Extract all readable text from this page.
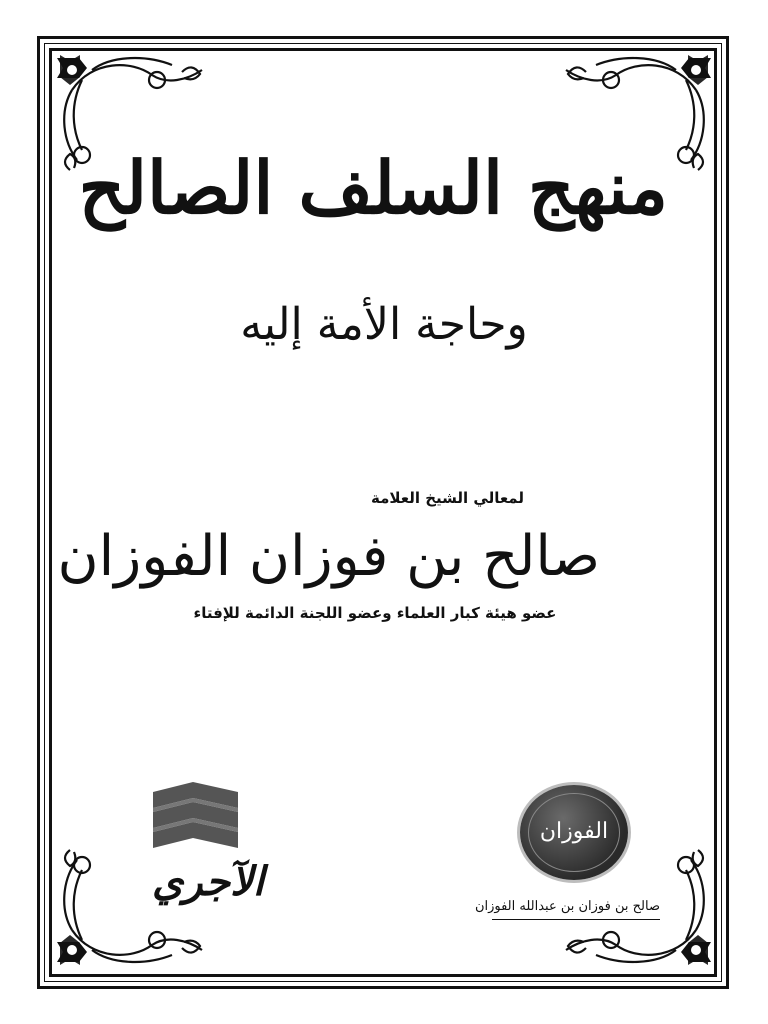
منهج السلف الصالح
وحاجة الأمة إليه
لمعالي الشيخ العلامة
صالح بن فوزان الفوزان
عضو هيئة كبار العلماء وعضو اللجنة الدائمة للإفتاء
الآجري
الفوزان
صالح بن فوزان بن عبدالله الفوزان
